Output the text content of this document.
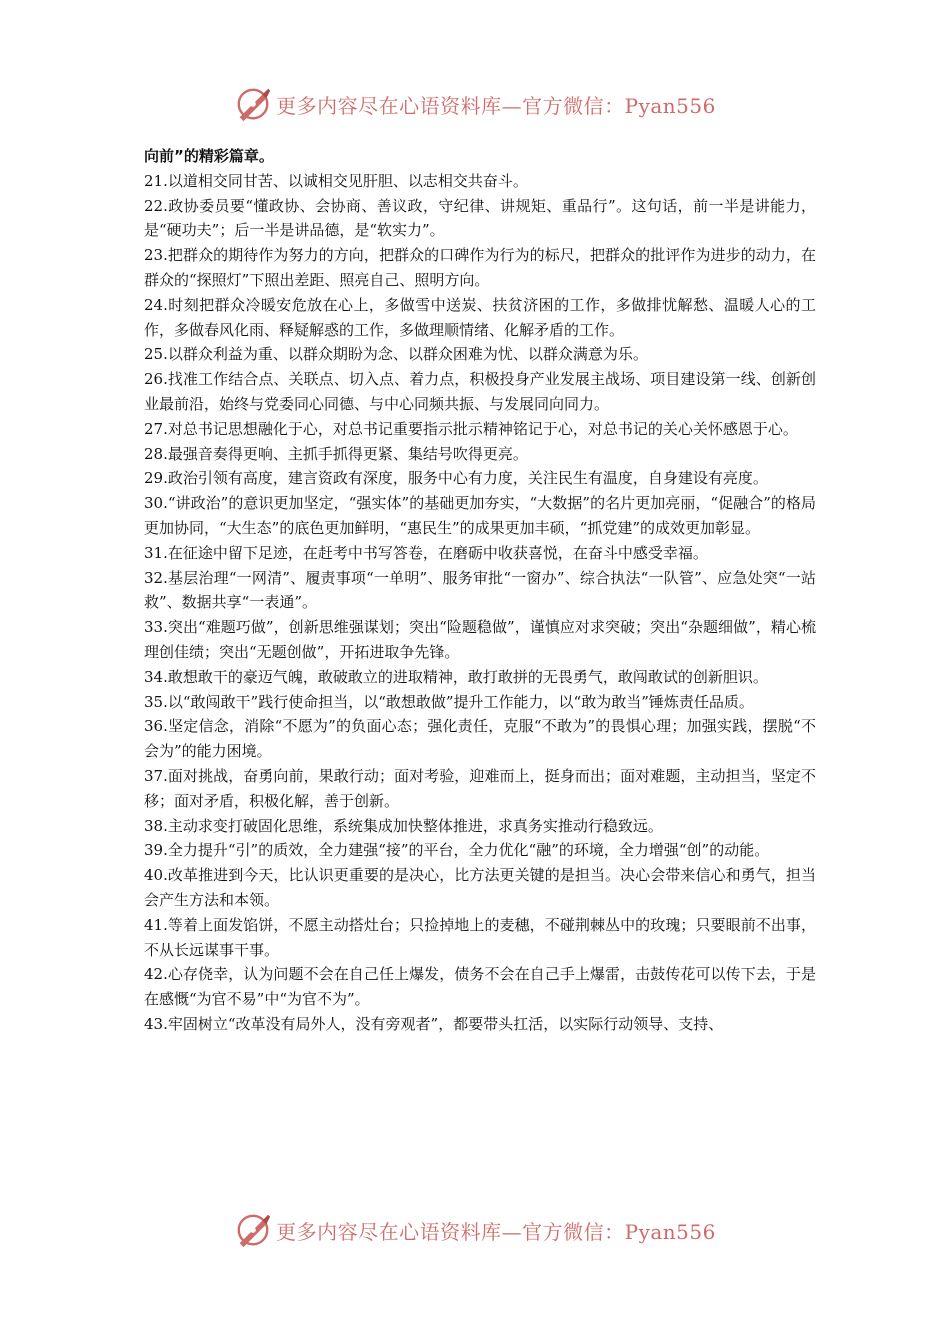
更多内容尽在心语资料库—官方微信：Pyan556

向前”的精彩篇章。

21.以道相交同甘苦、以诚相交见肝胆、以志相交共奋斗。

22.政协委员要“懂政协、会协商、善议政，守纪律、讲规矩、重品行”。这句话，前一半是讲能力，是“硬功夫”；后一半是讲品德，是“软实力”。

23.把群众的期待作为努力的方向，把群众的口碑作为行为的标尺，把群众的批评作为进步的动力，在群众的“探照灯”下照出差距、照亮自己、照明方向。

24.时刻把群众冷暖安危放在心上，多做雪中送炭、扶贫济困的工作，多做排忧解愁、温暖人心的工作，多做春风化雨、释疑解惑的工作，多做理顺情绪、化解矛盾的工作。

25.以群众利益为重、以群众期盼为念、以群众困难为忧、以群众满意为乐。

26.找准工作结合点、关联点、切入点、着力点，积极投身产业发展主战场、项目建设第一线、创新创业最前沿，始终与党委同心同德、与中心同频共振、与发展同向同力。

27.对总书记思想融化于心，对总书记重要指示批示精神铭记于心，对总书记的关心关怀感恩于心。

28.最强音奏得更响、主抓手抓得更紧、集结号吹得更亮。

29.政治引领有高度，建言资政有深度，服务中心有力度，关注民生有温度，自身建设有亮度。

30.“讲政治”的意识更加坚定，“强实体”的基础更加夯实，“大数据”的名片更加亮丽，“促融合”的格局更加协同，“大生态”的底色更加鲜明，“惠民生”的成果更加丰硕，“抓党建”的成效更加彰显。

31.在征途中留下足迹，在赶考中书写答卷，在磨砺中收获喜悦，在奋斗中感受幸福。

32.基层治理“一网清”、履责事项“一单明”、服务审批“一窗办”、综合执法“一队管”、应急处突“一站救”、数据共享“一表通”。

33.突出“难题巧做”，创新思维强谋划；突出“险题稳做”，谨慎应对求突破；突出“杂题细做”，精心梳理创佳绩；突出“无题创做”，开拓进取争先锋。

34.敢想敢干的豪迈气魄，敢破敢立的进取精神，敢打敢拼的无畏勇气，敢闯敢试的创新胆识。

35.以“敢闯敢干”践行使命担当，以“敢想敢做”提升工作能力，以“敢为敢当”锤炼责任品质。

36.坚定信念，消除“不愿为”的负面心态；强化责任，克服“不敢为”的畏惧心理；加强实践，摆脱“不会为”的能力困境。

37.面对挑战，奋勇向前，果敢行动；面对考验，迎难而上，挺身而出；面对难题，主动担当，坚定不移；面对矛盾，积极化解，善于创新。

38.主动求变打破固化思维，系统集成加快整体推进，求真务实推动行稳致远。

39.全力提升“引”的质效，全力建强“接”的平台，全力优化“融”的环境，全力增强“创”的动能。

40.改革推进到今天，比认识更重要的是决心，比方法更关键的是担当。决心会带来信心和勇气，担当会产生方法和本领。

41.等着上面发馅饼，不愿主动搭灶台；只捡掉地上的麦穗，不碰荆棘丛中的玫瑰；只要眼前不出事，不从长远谋事干事。

42.心存侥幸，认为问题不会在自己任上爆发，债务不会在自己手上爆雷，击鼓传花可以传下去，于是在感慨“为官不易”中“为官不为”。

43.牢固树立“改革没有局外人，没有旁观者”，都要带头扛活，以实际行动领导、支持、

更多内容尽在心语资料库—官方微信：Pyan556
